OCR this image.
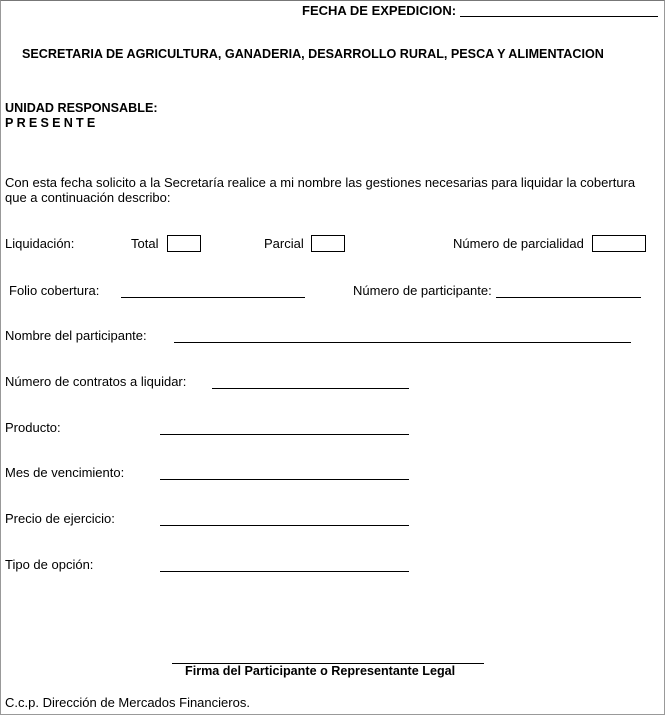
FECHA DE EXPEDICION:
SECRETARIA DE AGRICULTURA, GANADERIA, DESARROLLO RURAL, PESCA Y ALIMENTACION
UNIDAD RESPONSABLE:
PRESENTE
Con esta fecha solicito a la Secretaría realice a mi nombre las gestiones necesarias para liquidar la cobertura que a continuación describo:
Liquidación:	Total	Parcial	Número de parcialidad
Folio cobertura:	Número de participante:
Nombre del participante:
Número de contratos a liquidar:
Producto:
Mes de vencimiento:
Precio de ejercicio:
Tipo de opción:
Firma del Participante o Representante Legal
C.c.p. Dirección de Mercados Financieros.
